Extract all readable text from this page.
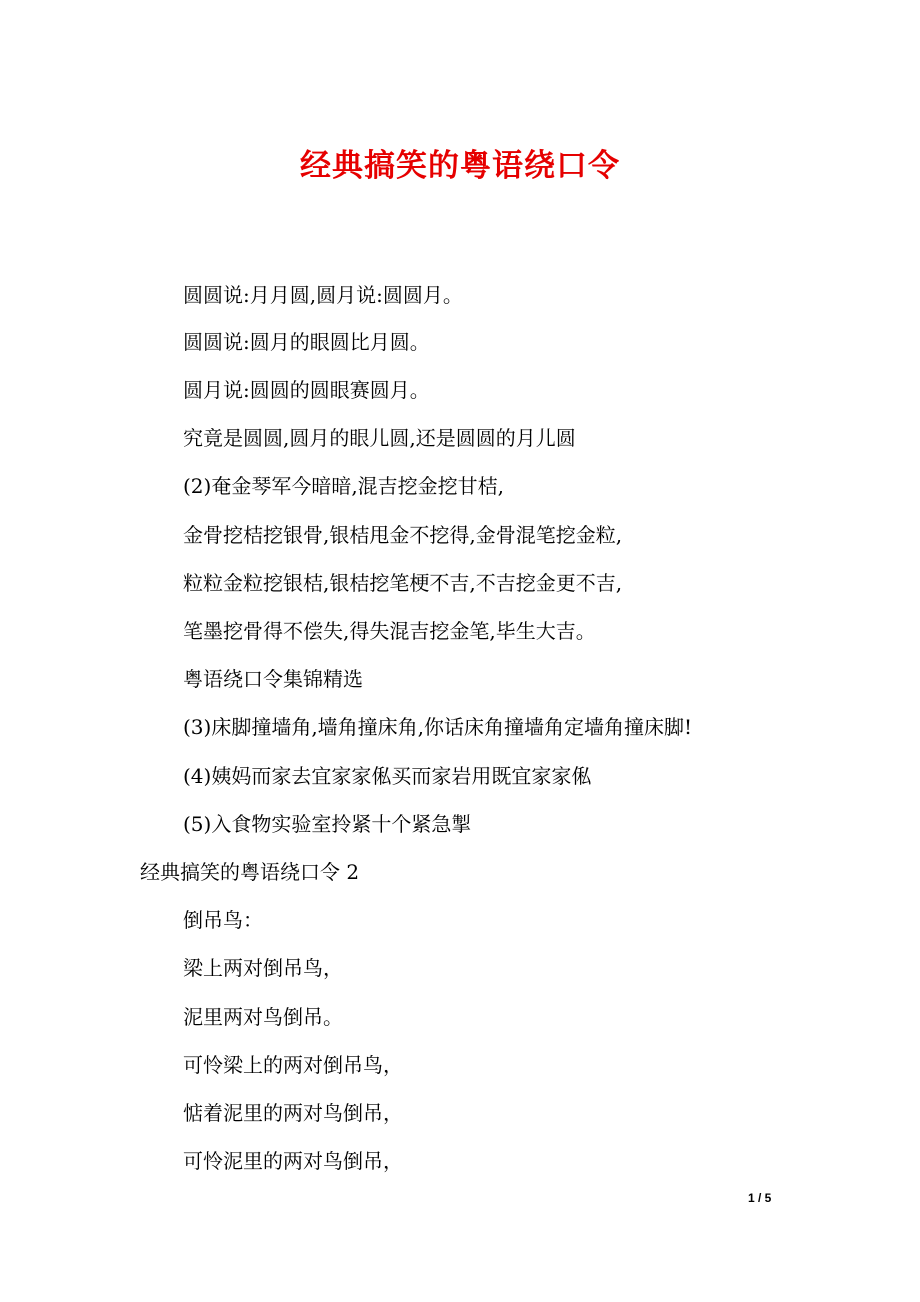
经典搞笑的粤语绕口令
圆圆说:月月圆,圆月说:圆圆月。
圆圆说:圆月的眼圆比月圆。
圆月说:圆圆的圆眼赛圆月。
究竟是圆圆,圆月的眼儿圆,还是圆圆的月儿圆
(2)奄金琴军今暗暗,混吉挖金挖甘桔,
金骨挖桔挖银骨,银桔甩金不挖得,金骨混笔挖金粒,
粒粒金粒挖银桔,银桔挖笔梗不吉,不吉挖金更不吉,
笔墨挖骨得不偿失,得失混吉挖金笔,毕生大吉。
粤语绕口令集锦精选
(3)床脚撞墙角,墙角撞床角,你话床角撞墙角定墙角撞床脚!
(4)姨妈而家去宜家家俬买而家岩用既宜家家俬
(5)入食物实验室拎紧十个紧急掣
经典搞笑的粤语绕口令 2
倒吊鸟：
梁上两对倒吊鸟，
泥里两对鸟倒吊。
可怜梁上的两对倒吊鸟，
惦着泥里的两对鸟倒吊，
可怜泥里的两对鸟倒吊，
1 / 5
